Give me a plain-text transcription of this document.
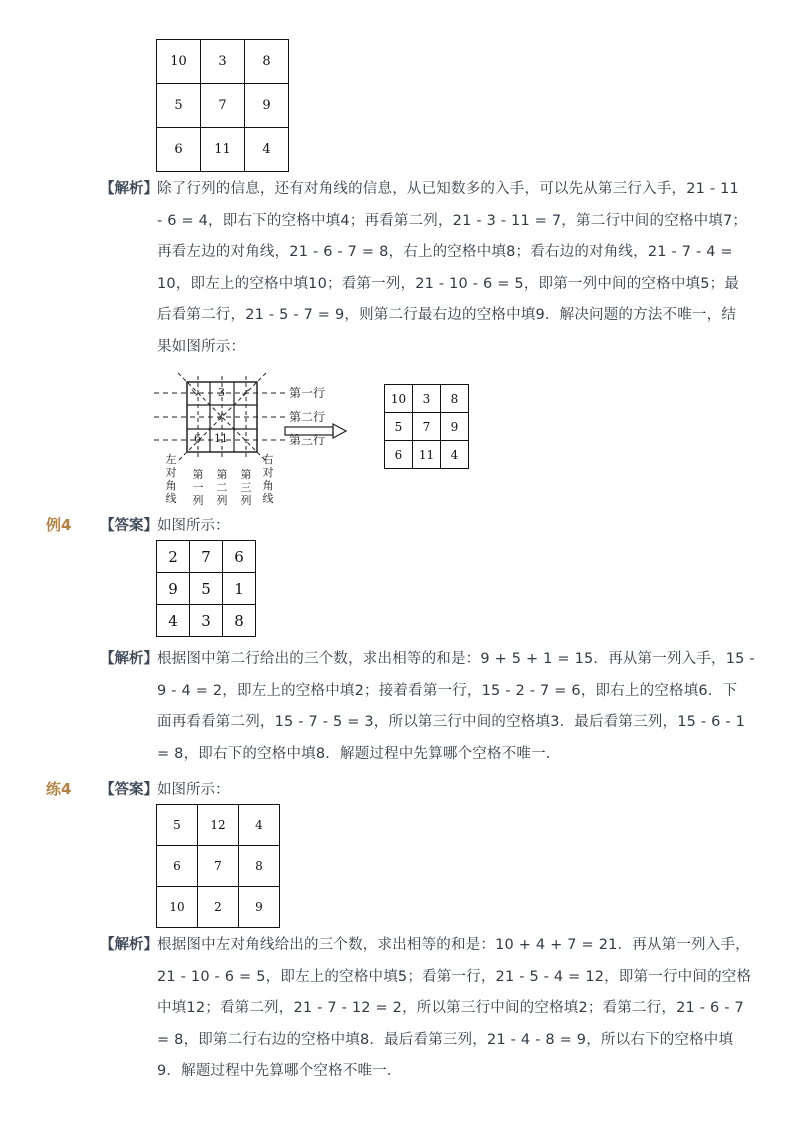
10	3	8
5	7	9
6	11	4
【解析】 除了行列的信息，还有对角线的信息，从已知数多的入手，可以先从第三行入手，21 - 11
- 6 = 4，即右下的空格中填4；再看第二列，21 - 3 - 11 = 7，第二行中间的空格中填7；
再看左边的对角线，21 - 6 - 7 = 8，右上的空格中填8；看右边的对角线，21 - 7 - 4 =
10，即左上的空格中填10；看第一列，21 - 10 - 6 = 5，即第一列中间的空格中填5；最
后看第二行，21 - 5 - 7 = 9，则第二行最右边的空格中填9．解决问题的方法不唯一，结
果如图所示：
3
↘	↙
↗
6 11
第一行
第二行
第三行
左
对
角
线
第
一
列
第
二
列
第
三
列
右
对
角
线
10	3	8
5	7	9
6	11	4
例4 【答案】 如图所示：
2	7	6
9	5	1
4	3	8
【解析】 根据图中第二行给出的三个数，求出相等的和是：9 + 5 + 1 = 15．再从第一列入手，15 -
9 - 4 = 2，即左上的空格中填2；接着看第一行，15 - 2 - 7 = 6，即右上的空格填6．下
面再看看第二列，15 - 7 - 5 = 3，所以第三行中间的空格填3．最后看第三列，15 - 6 - 1
= 8，即右下的空格中填8．解题过程中先算哪个空格不唯一．
练4 【答案】 如图所示：
5	12	4
6	7	8
10	2	9
【解析】 根据图中左对角线给出的三个数，求出相等的和是：10 + 4 + 7 = 21．再从第一列入手，
21 - 10 - 6 = 5，即左上的空格中填5；看第一行，21 - 5 - 4 = 12，即第一行中间的空格
中填12；看第二列，21 - 7 - 12 = 2，所以第三行中间的空格填2；看第二行，21 - 6 - 7
= 8，即第二行右边的空格中填8．最后看第三列，21 - 4 - 8 = 9，所以右下的空格中填
9．解题过程中先算哪个空格不唯一．
